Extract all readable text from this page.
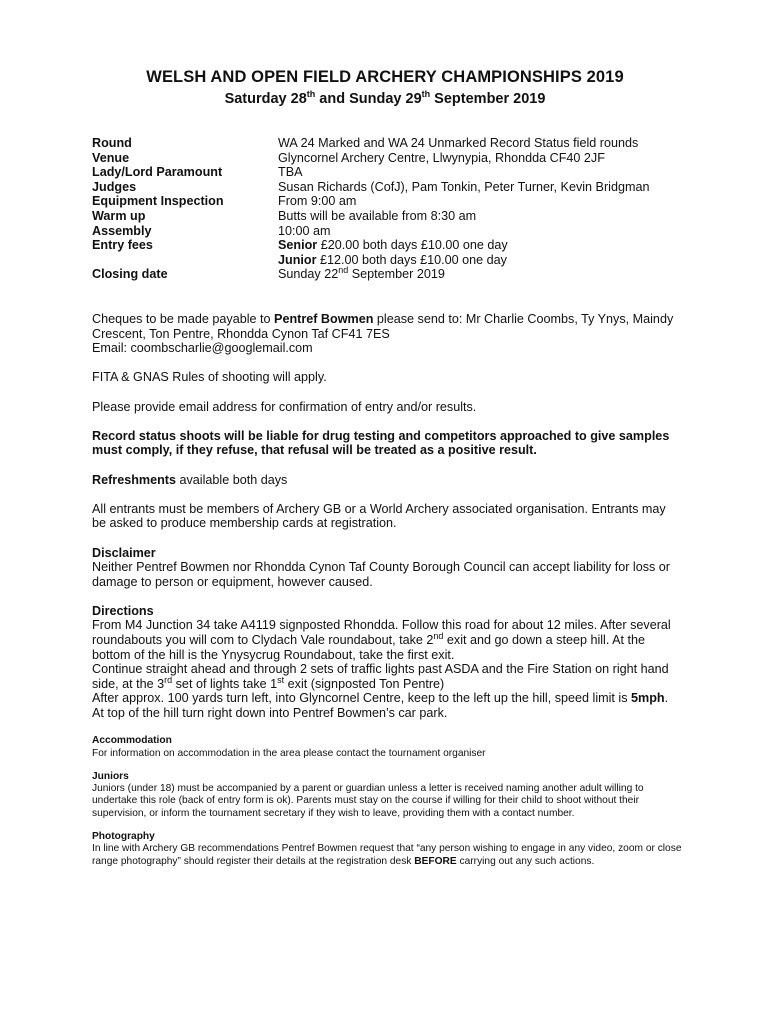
WELSH AND OPEN FIELD ARCHERY CHAMPIONSHIPS 2019
Saturday 28th and Sunday 29th September 2019
Round	WA 24 Marked and WA 24 Unmarked Record Status field rounds
Venue	Glyncornel Archery Centre, Llwynypia, Rhondda CF40 2JF
Lady/Lord Paramount	TBA
Judges	Susan Richards (CofJ), Pam Tonkin, Peter Turner, Kevin Bridgman
Equipment Inspection	From 9:00 am
Warm up	Butts will be available from 8:30 am
Assembly	10:00 am
Entry fees	Senior £20.00 both days £10.00 one day
Junior £12.00 both days £10.00 one day
Closing date	Sunday 22nd September 2019

Cheques to be made payable to Pentref Bowmen please send to: Mr Charlie Coombs, Ty Ynys, Maindy Crescent, Ton Pentre, Rhondda Cynon Taf CF41 7ES
Email: coombscharlie@googlemail.com

FITA & GNAS Rules of shooting will apply.

Please provide email address for confirmation of entry and/or results.

Record status shoots will be liable for drug testing and competitors approached to give samples must comply, if they refuse, that refusal will be treated as a positive result.

Refreshments available both days

All entrants must be members of Archery GB or a World Archery associated organisation. Entrants may be asked to produce membership cards at registration.

Disclaimer
Neither Pentref Bowmen nor Rhondda Cynon Taf County Borough Council can accept liability for loss or damage to person or equipment, however caused.

Directions
From M4 Junction 34 take A4119 signposted Rhondda. Follow this road for about 12 miles. After several roundabouts you will com to Clydach Vale roundabout, take 2nd exit and go down a steep hill. At the bottom of the hill is the Ynysycrug Roundabout, take the first exit.
Continue straight ahead and through 2 sets of traffic lights past ASDA and the Fire Station on right hand side, at the 3rd set of lights take 1st exit (signposted Ton Pentre)
After approx. 100 yards turn left, into Glyncornel Centre, keep to the left up the hill, speed limit is 5mph. At top of the hill turn right down into Pentref Bowmen’s car park.

Accommodation
For information on accommodation in the area please contact the tournament organiser

Juniors
Juniors (under 18) must be accompanied by a parent or guardian unless a letter is received naming another adult willing to undertake this role (back of entry form is ok). Parents must stay on the course if willing for their child to shoot without their supervision, or inform the tournament secretary if they wish to leave, providing them with a contact number.

Photography
In line with Archery GB recommendations Pentref Bowmen request that “any person wishing to engage in any video, zoom or close range photography” should register their details at the registration desk BEFORE carrying out any such actions.
